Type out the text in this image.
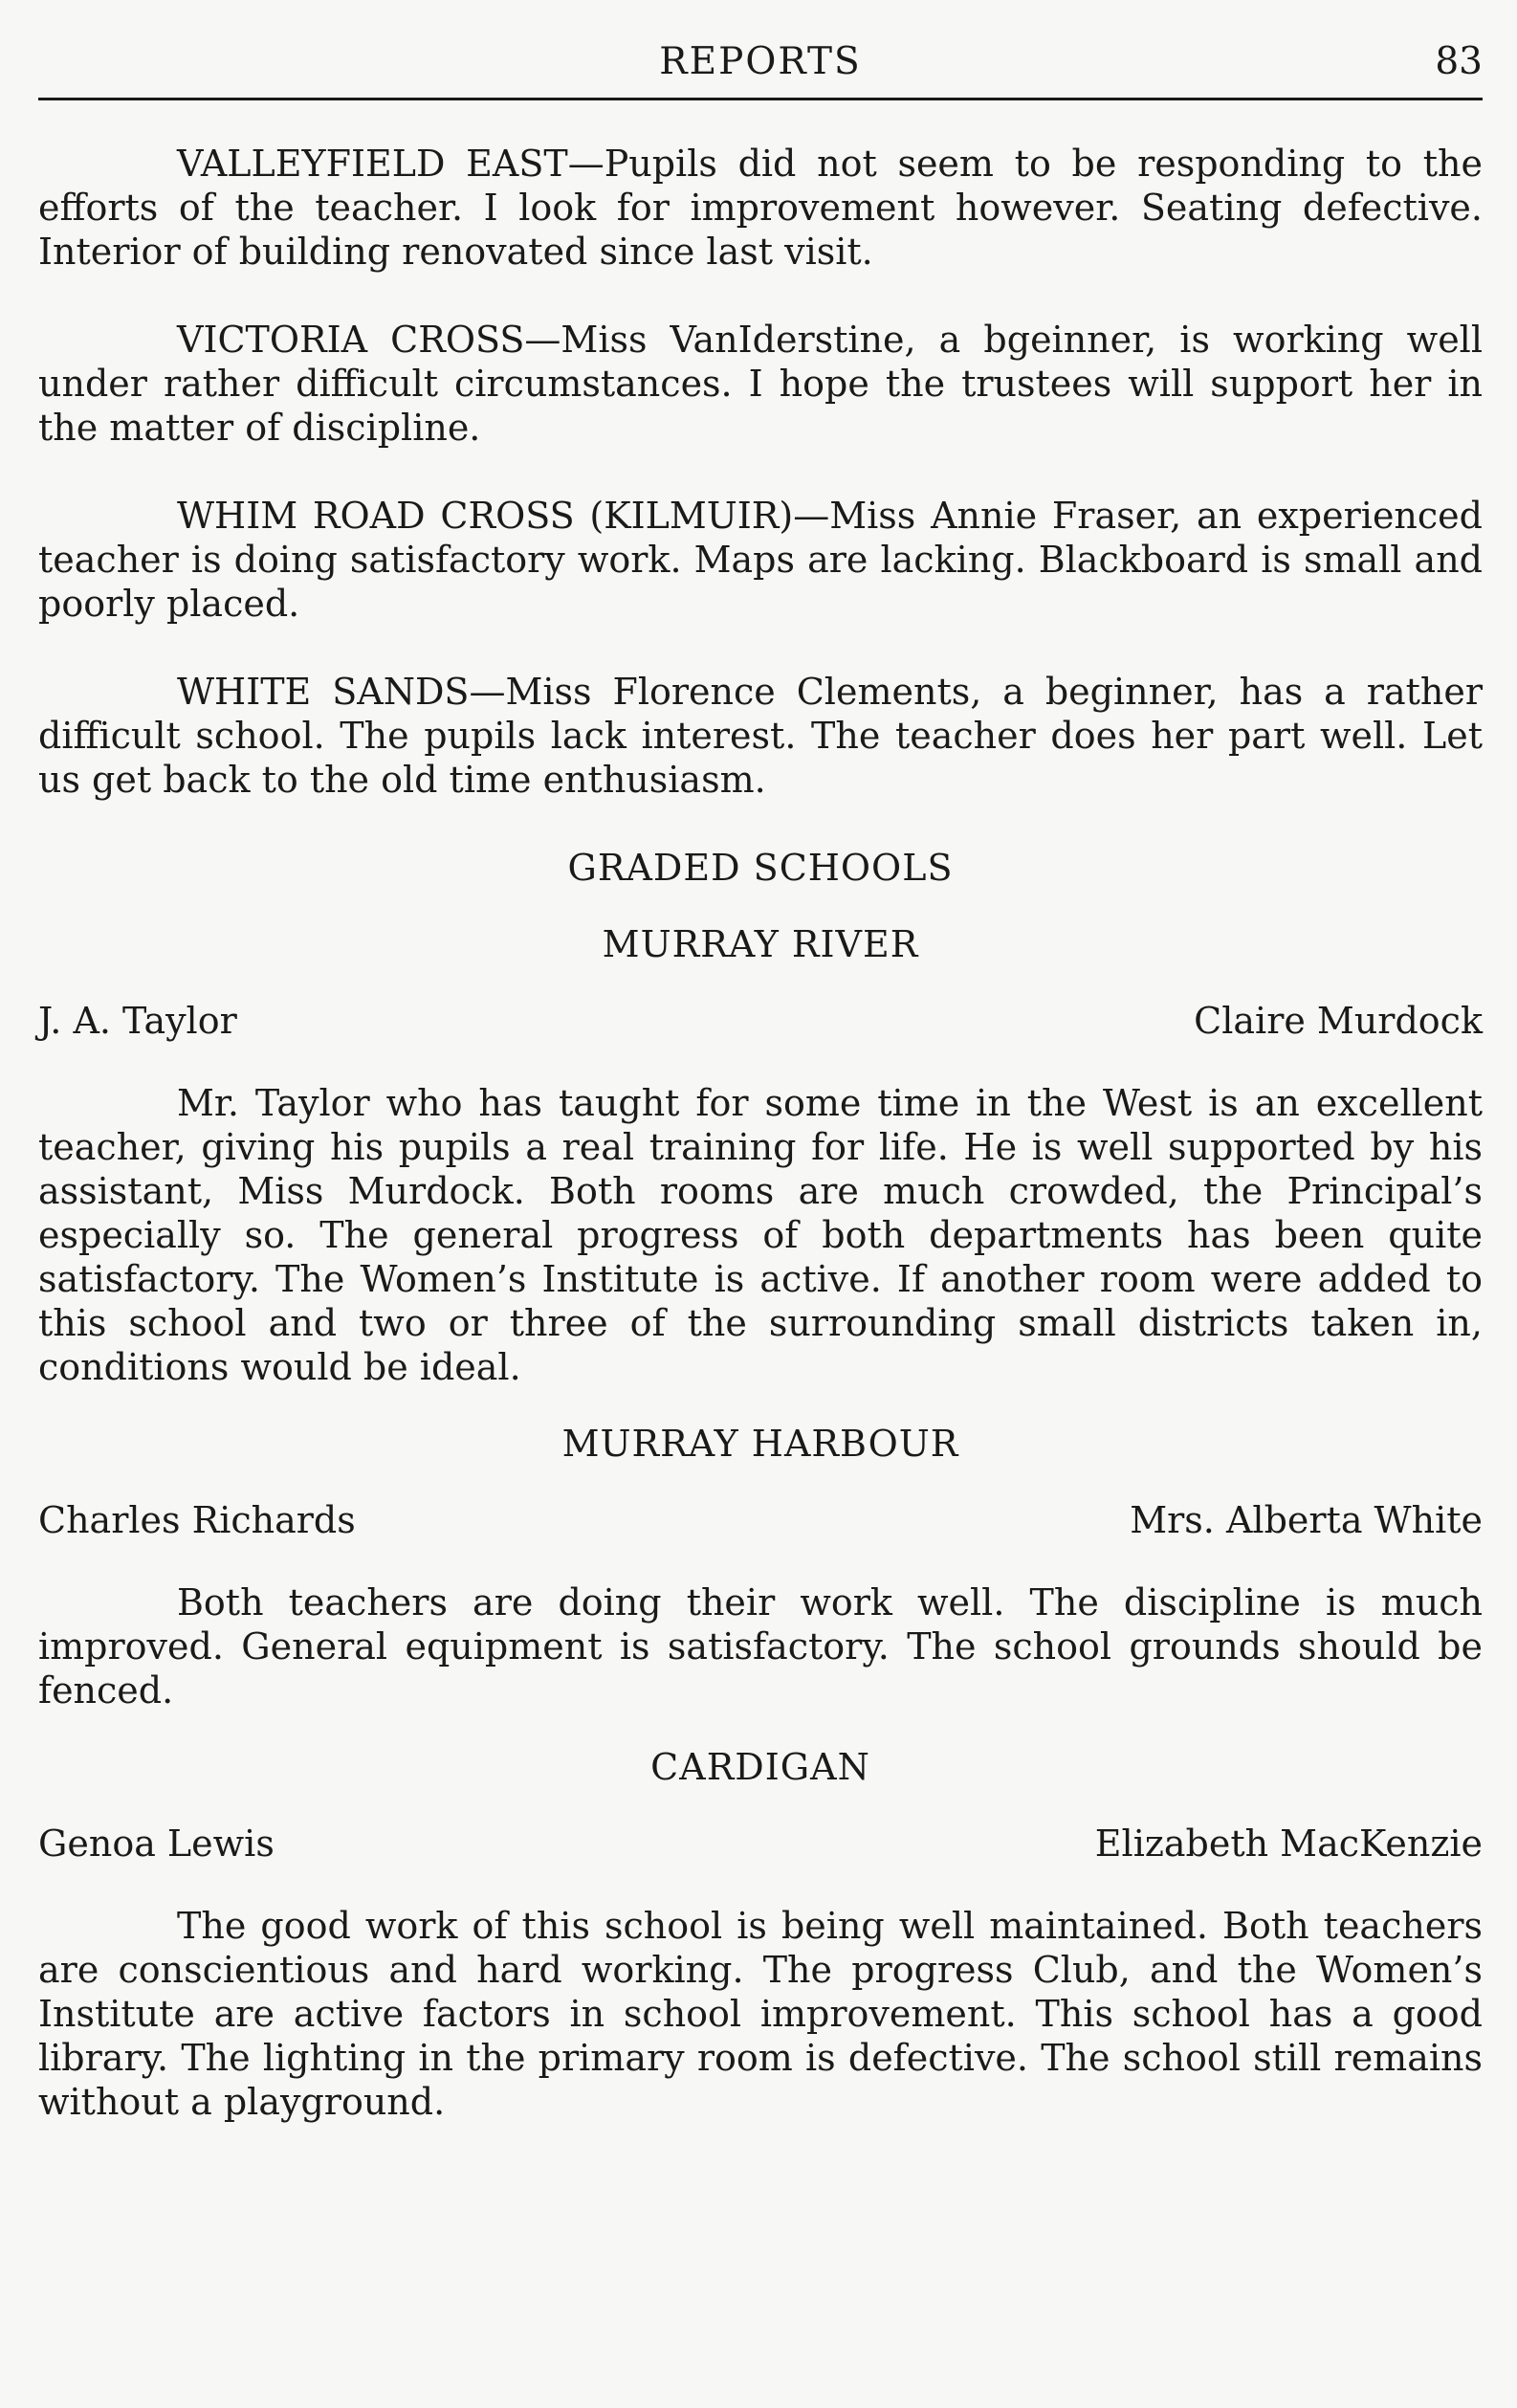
REPORTS	83

VALLEYFIELD EAST—Pupils did not seem to be responding to the efforts of the teacher. I look for improvement however. Seating defective. Interior of building renovated since last visit.

VICTORIA CROSS—Miss VanIderstine, a bgeinner, is working well under rather difficult circumstances. I hope the trustees will support her in the matter of discipline.

WHIM ROAD CROSS (KILMUIR)—Miss Annie Fraser, an experienced teacher is doing satisfactory work. Maps are lacking. Blackboard is small and poorly placed.

WHITE SANDS—Miss Florence Clements, a beginner, has a rather difficult school. The pupils lack interest. The teacher does her part well. Let us get back to the old time enthusiasm.

GRADED SCHOOLS

MURRAY RIVER

J. A. Taylor	Claire Murdock

Mr. Taylor who has taught for some time in the West is an excellent teacher, giving his pupils a real training for life. He is well supported by his assistant, Miss Murdock. Both rooms are much crowded, the Principal’s especially so. The general progress of both departments has been quite satisfactory. The Women’s Institute is active. If another room were added to this school and two or three of the surrounding small districts taken in, conditions would be ideal.

MURRAY HARBOUR

Charles Richards	Mrs. Alberta White

Both teachers are doing their work well. The discipline is much improved. General equipment is satisfactory. The school grounds should be fenced.

CARDIGAN

Genoa Lewis	Elizabeth MacKenzie

The good work of this school is being well maintained. Both teachers are conscientious and hard working. The progress Club, and the Women’s Institute are active factors in school improvement. This school has a good library. The lighting in the primary room is defective. The school still remains without a playground.
